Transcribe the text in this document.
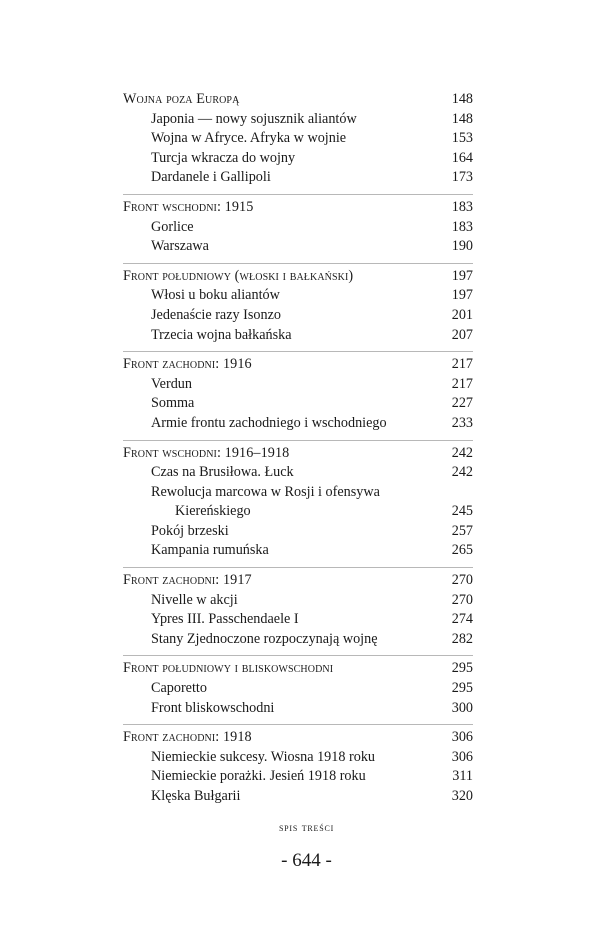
Wojna poza Europą	148
Japonia — nowy sojusznik aliantów	148
Wojna w Afryce. Afryka w wojnie	153
Turcja wkracza do wojny	164
Dardanele i Gallipoli	173
Front wschodni: 1915	183
Gorlice	183
Warszawa	190
Front południowy (włoski i bałkański)	197
Włosi u boku aliantów	197
Jedenaście razy Isonzo	201
Trzecia wojna bałkańska	207
Front zachodni: 1916	217
Verdun	217
Somma	227
Armie frontu zachodniego i wschodniego	233
Front wschodni: 1916–1918	242
Czas na Brusiłowa. Łuck	242
Rewolucja marcowa w Rosji i ofensywa
Kiereńskiego	245
Pokój brzeski	257
Kampania rumuńska	265
Front zachodni: 1917	270
Nivelle w akcji	270
Ypres III. Passchendaele I	274
Stany Zjednoczone rozpoczynają wojnę	282
Front południowy i bliskowschodni	295
Caporetto	295
Front bliskowschodni	300
Front zachodni: 1918	306
Niemieckie sukcesy. Wiosna 1918 roku	306
Niemieckie porażki. Jesień 1918 roku	311
Klęska Bułgarii	320
spis treści
- 644 -
